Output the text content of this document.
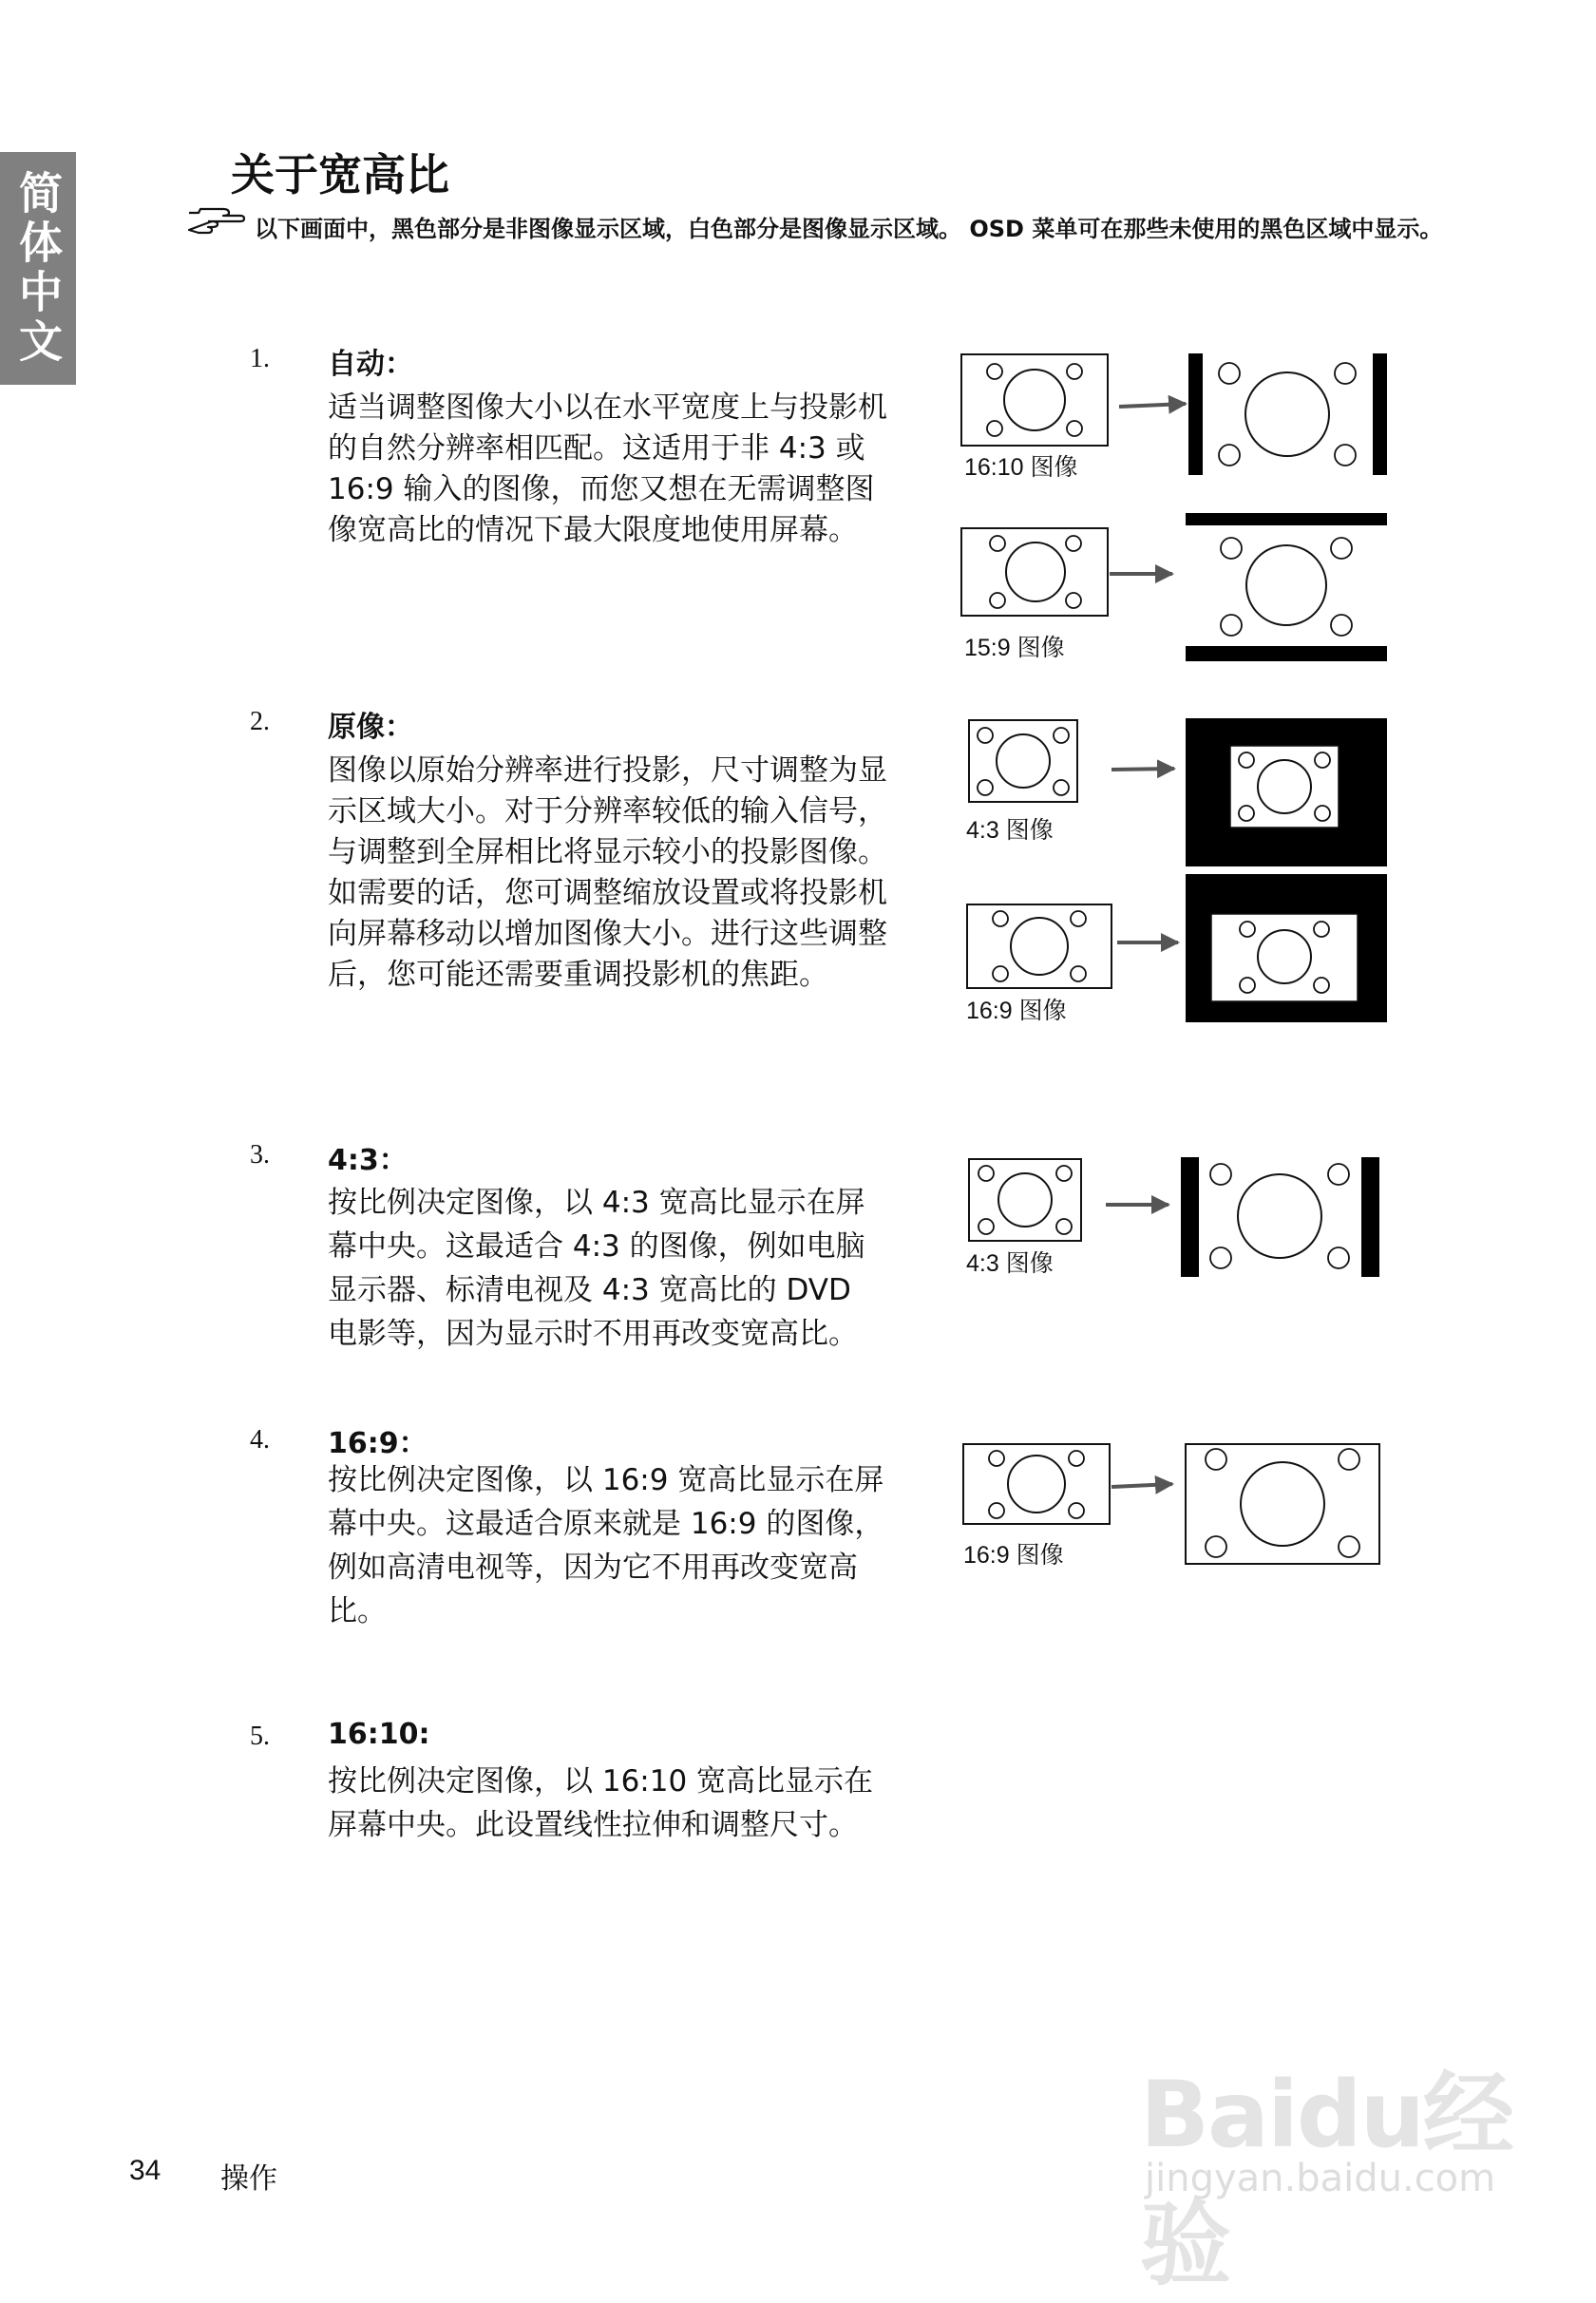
简体中文	关于宽高比

以下画面中，黑色部分是非图像显示区域，白色部分是图像显示区域。 OSD 菜单可在那些未使用的黑色区域中显示。

1. 自动：

适当调整图像大小以在水平宽度上与投影机的自然分辨率相匹配。这适用于非 4:3 或 16:9 输入的图像，而您又想在无需调整图像宽高比的情况下最大限度地使用屏幕。

2. 原像：

图像以原始分辨率进行投影，尺寸调整为显示区域大小。对于分辨率较低的输入信号，与调整到全屏相比将显示较小的投影图像。如需要的话，您可调整缩放设置或将投影机向屏幕移动以增加图像大小。进行这些调整后，您可能还需要重调投影机的焦距。

3. 4:3：

按比例决定图像，以 4:3 宽高比显示在屏幕中央。这最适合 4:3 的图像，例如电脑显示器、标清电视及 4:3 宽高比的 DVD 电影等，因为显示时不用再改变宽高比。

4. 16:9：

按比例决定图像，以 16:9 宽高比显示在屏幕中央。这最适合原来就是 16:9 的图像，例如高清电视等，因为它不用再改变宽高比。

5. 16:10:

按比例决定图像，以 16:10 宽高比显示在屏幕中央。此设置线性拉伸和调整尺寸。

16:10 图像
15:9 图像
4:3 图像
16:9 图像
4:3 图像
16:9 图像
34 操作
Baidu经验
jingyan.baidu.com
